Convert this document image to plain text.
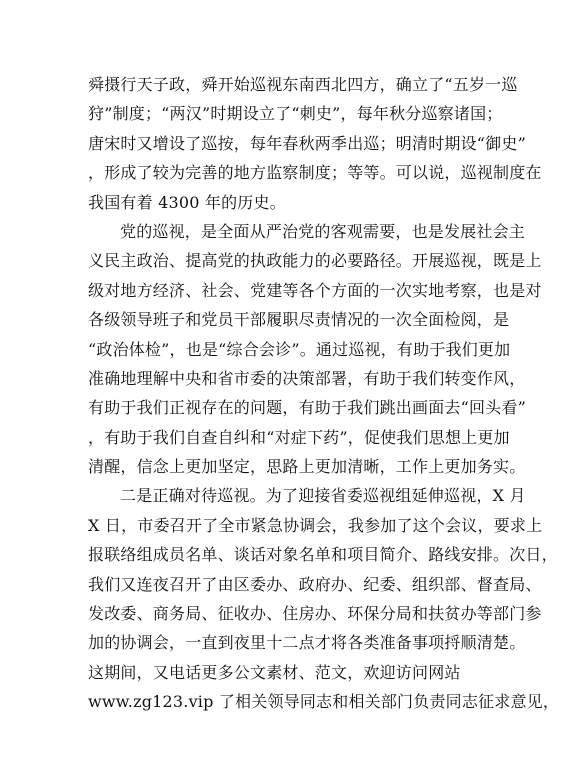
舜摄行天子政，舜开始巡视东南西北四方，确立了“五岁一巡
狩”制度；“两汉”时期设立了“刺史”，每年秋分巡察诸国；
唐宋时又增设了巡按，每年春秋两季出巡；明清时期设“御史”
，形成了较为完善的地方监察制度；等等。可以说，巡视制度在
我国有着 4300 年的历史。
党的巡视，是全面从严治党的客观需要，也是发展社会主
义民主政治、提高党的执政能力的必要路径。开展巡视，既是上
级对地方经济、社会、党建等各个方面的一次实地考察，也是对
各级领导班子和党员干部履职尽责情况的一次全面检阅，是
“政治体检”，也是“综合会诊”。通过巡视，有助于我们更加
准确地理解中央和省市委的决策部署，有助于我们转变作风，
有助于我们正视存在的问题，有助于我们跳出画面去“回头看”
，有助于我们自查自纠和“对症下药”，促使我们思想上更加
清醒，信念上更加坚定，思路上更加清晰，工作上更加务实。
二是正确对待巡视。为了迎接省委巡视组延伸巡视，X 月
X 日，市委召开了全市紧急协调会，我参加了这个会议，要求上
报联络组成员名单、谈话对象名单和项目简介、路线安排。次日，
我们又连夜召开了由区委办、政府办、纪委、组织部、督查局、
发改委、商务局、征收办、住房办、环保分局和扶贫办等部门参
加的协调会，一直到夜里十二点才将各类准备事项捋顺清楚。
这期间，又电话更多公文素材、范文，欢迎访问网站
www.zg123.vip 了相关领导同志和相关部门负责同志征求意见，
